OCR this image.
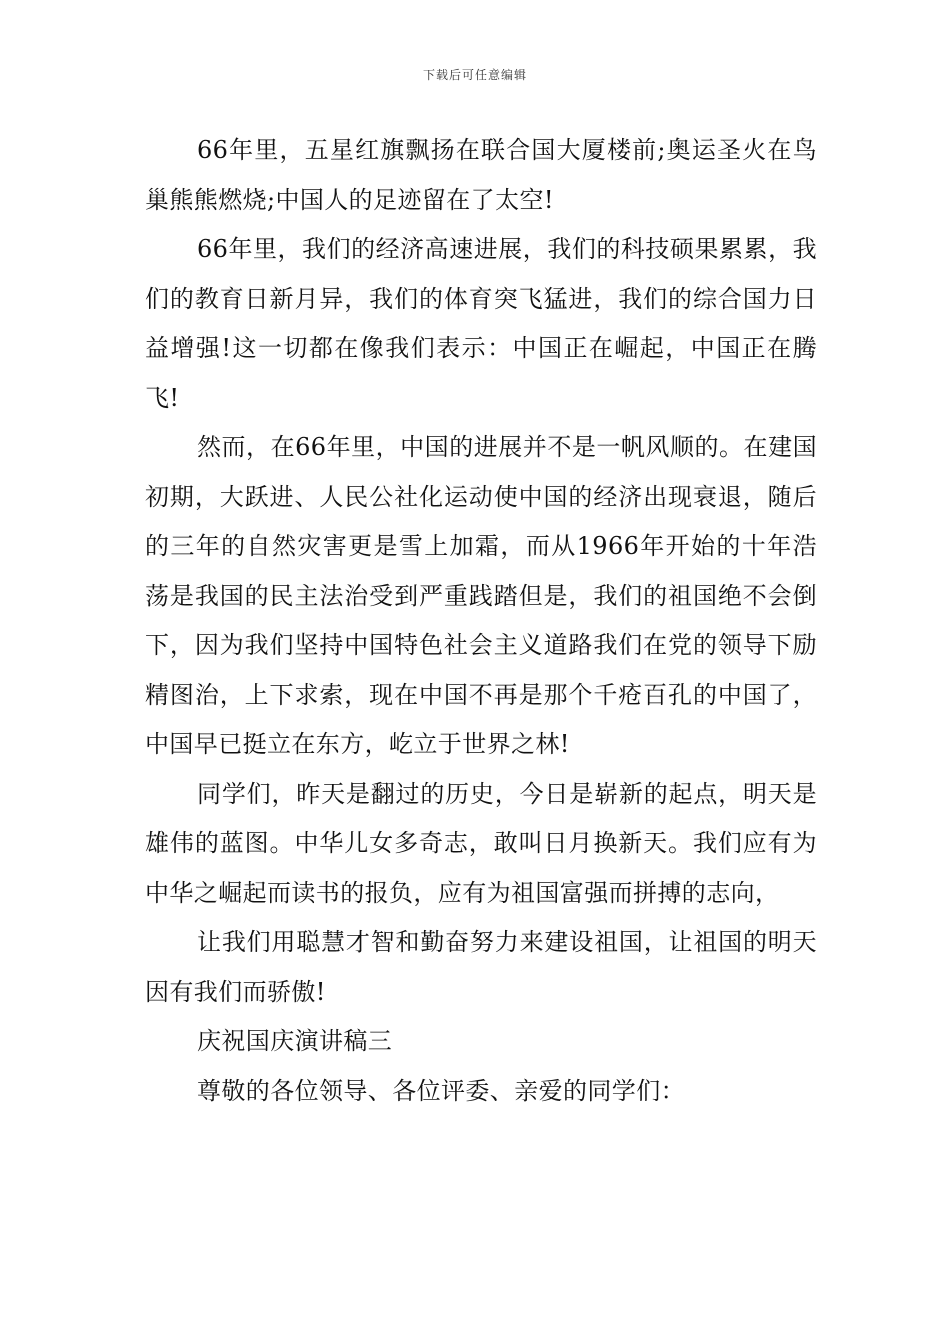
下载后可任意编辑

66年里，五星红旗飘扬在联合国大厦楼前;奥运圣火在鸟巢熊熊燃烧;中国人的足迹留在了太空!

66年里，我们的经济高速进展，我们的科技硕果累累，我们的教育日新月异，我们的体育突飞猛进，我们的综合国力日益增强!这一切都在像我们表示：中国正在崛起，中国正在腾飞!

然而，在66年里，中国的进展并不是一帆风顺的。在建国初期，大跃进、人民公社化运动使中国的经济出现衰退，随后的三年的自然灾害更是雪上加霜，而从1966年开始的十年浩荡是我国的民主法治受到严重践踏但是，我们的祖国绝不会倒下，因为我们坚持中国特色社会主义道路我们在党的领导下励精图治，上下求索，现在中国不再是那个千疮百孔的中国了，中国早已挺立在东方，屹立于世界之林!

同学们，昨天是翻过的历史，今日是崭新的起点，明天是雄伟的蓝图。中华儿女多奇志，敢叫日月换新天。我们应有为中华之崛起而读书的报负，应有为祖国富强而拼搏的志向，

让我们用聪慧才智和勤奋努力来建设祖国，让祖国的明天因有我们而骄傲!

庆祝国庆演讲稿三

尊敬的各位领导、各位评委、亲爱的同学们：
